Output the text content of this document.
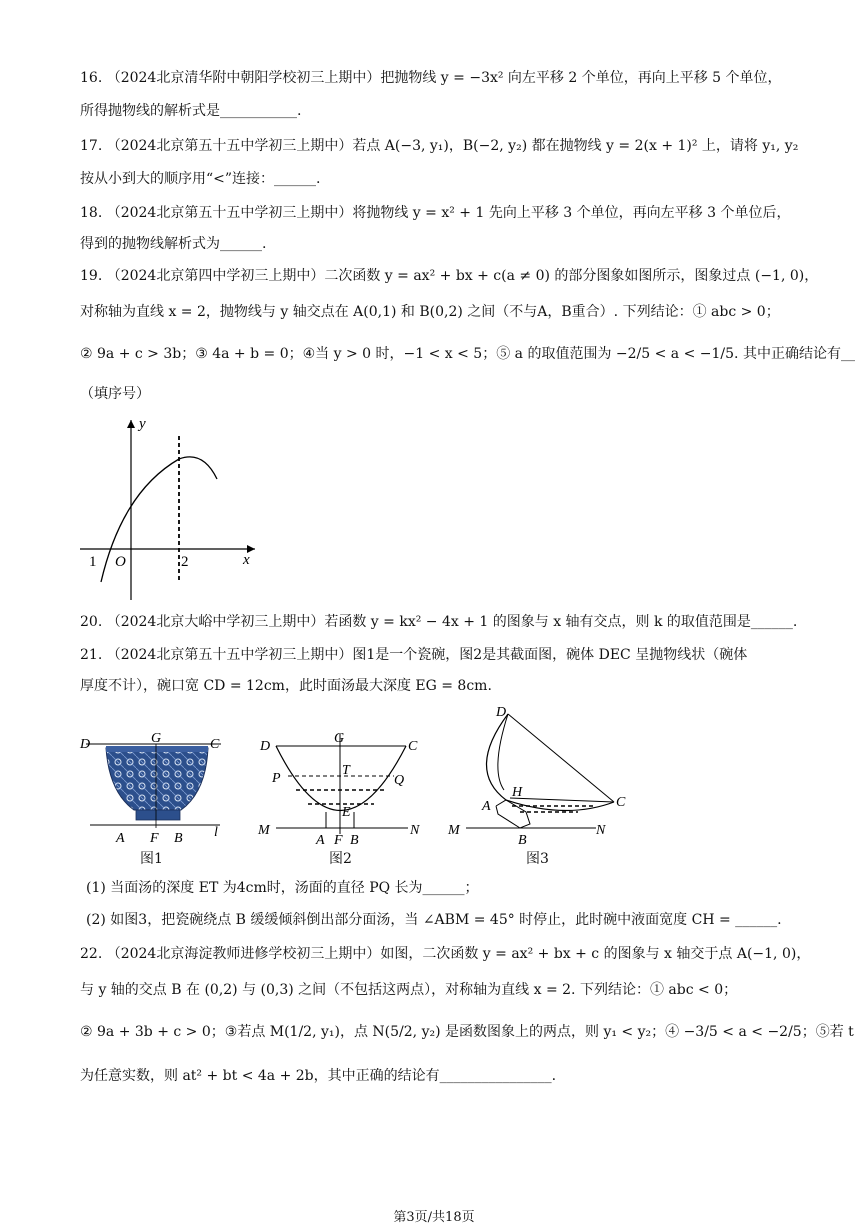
16. （2024北京清华附中朝阳学校初三上期中）把抛物线 y = −3x² 向左平移 2 个单位，再向上平移 5 个单位，
所得抛物线的解析式是___________.
17. （2024北京第五十五中学初三上期中）若点 A(−3, y₁)，B(−2, y₂) 都在抛物线 y = 2(x + 1)² 上，请将 y₁, y₂
按从小到大的顺序用“<”连接：______.
18. （2024北京第五十五中学初三上期中）将抛物线 y = x² + 1 先向上平移 3 个单位，再向左平移 3 个单位后，
得到的抛物线解析式为______.
19. （2024北京第四中学初三上期中）二次函数 y = ax² + bx + c(a ≠ 0) 的部分图象如图所示，图象过点 (−1, 0)，
对称轴为直线 x = 2，抛物线与 y 轴交点在 A(0,1) 和 B(0,2) 之间（不与A，B重合）. 下列结论：① abc > 0；
② 9a + c > 3b；③ 4a + b = 0；④当 y > 0 时，−1 < x < 5；⑤ a 的取值范围为 −2/5 < a < −1/5. 其中正确结论有__
（填序号）
y
x
O
1	2
20. （2024北京大峪中学初三上期中）若函数 y = kx² − 4x + 1 的图象与 x 轴有交点，则 k 的取值范围是______.
21. （2024北京第五十五中学初三上期中）图1是一个瓷碗，图2是其截面图，碗体 DEC 呈抛物线状（碗体
厚度不计），碗口宽 CD = 12cm，此时面汤最大深度 EG = 8cm.
D	G	C
A F B l
图1
D
G
C
P
T
Q
E
M
A F B
N
图2
D
H
A	C
M
B
N
图3
(1) 当面汤的深度 ET 为4cm时，汤面的直径 PQ 长为______；
(2) 如图3，把瓷碗绕点 B 缓缓倾斜倒出部分面汤，当 ∠ABM = 45° 时停止，此时碗中液面宽度 CH = ______.
22. （2024北京海淀教师进修学校初三上期中）如图，二次函数 y = ax² + bx + c 的图象与 x 轴交于点 A(−1, 0)，
与 y 轴的交点 B 在 (0,2) 与 (0,3) 之间（不包括这两点），对称轴为直线 x = 2. 下列结论：① abc < 0；
② 9a + 3b + c > 0；③若点 M(1/2, y₁)，点 N(5/2, y₂) 是函数图象上的两点，则 y₁ < y₂；④ −3/5 < a < −2/5；⑤若 t
为任意实数，则 at² + bt < 4a + 2b，其中正确的结论有________________.
第3页/共18页
